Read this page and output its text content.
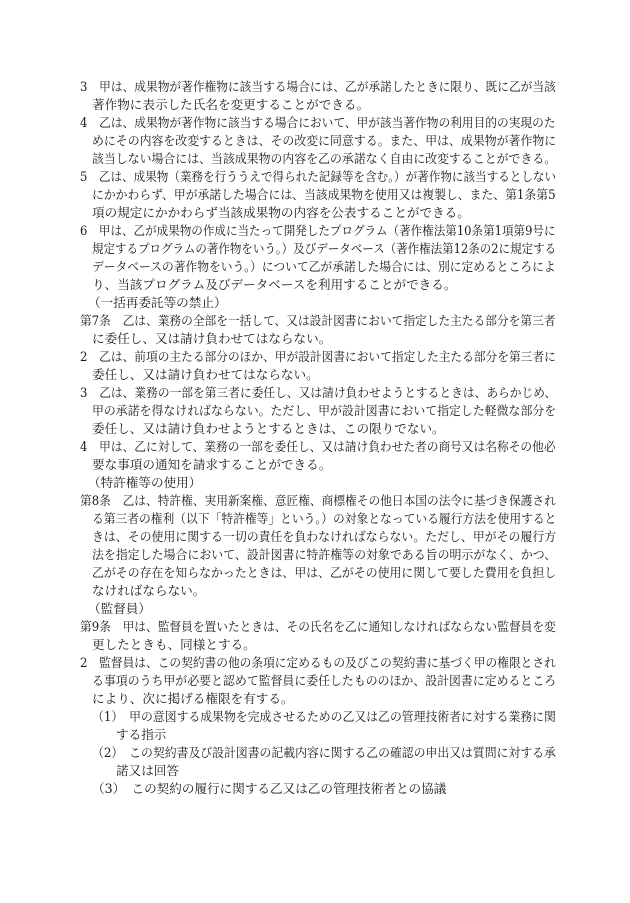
3　甲は、成果物が著作権物に該当する場合には、乙が承諾したときに限り、既に乙が当該
著作物に表示した氏名を変更することができる。
4　乙は、成果物が著作物に該当する場合において、甲が該当著作物の利用目的の実現のた
めにその内容を改変するときは、その改変に同意する。また、甲は、成果物が著作物に
該当しない場合には、当該成果物の内容を乙の承諾なく自由に改変することができる。
5　乙は、成果物（業務を行ううえで得られた記録等を含む。）が著作物に該当するとしない
にかかわらず、甲が承諾した場合には、当該成果物を使用又は複製し、また、第1条第5
項の規定にかかわらず当該成果物の内容を公表することができる。
6　甲は、乙が成果物の作成に当たって開発したプログラム（著作権法第10条第1項第9号に
規定するプログラムの著作物をいう。）及びデータベース（著作権法第12条の2に規定する
データベースの著作物をいう。）について乙が承諾した場合には、別に定めるところによ
り、当該プログラム及びデータベースを利用することができる。
（一括再委託等の禁止）
第7条　乙は、業務の全部を一括して、又は設計図書において指定した主たる部分を第三者
に委任し、又は請け負わせてはならない。
2　乙は、前項の主たる部分のほか、甲が設計図書において指定した主たる部分を第三者に
委任し、又は請け負わせてはならない。
3　乙は、業務の一部を第三者に委任し、又は請け負わせようとするときは、あらかじめ、
甲の承諾を得なければならない。ただし、甲が設計図書において指定した軽微な部分を
委任し、又は請け負わせようとするときは、この限りでない。
4　甲は、乙に対して、業務の一部を委任し、又は請け負わせた者の商号又は名称その他必
要な事項の通知を請求することができる。
（特許権等の使用）
第8条　乙は、特許権、実用新案権、意匠権、商標権その他日本国の法令に基づき保護され
る第三者の権利（以下「特許権等」という。）の対象となっている履行方法を使用すると
きは、その使用に関する一切の責任を負わなければならない。ただし、甲がその履行方
法を指定した場合において、設計図書に特許権等の対象である旨の明示がなく、かつ、
乙がその存在を知らなかったときは、甲は、乙がその使用に関して要した費用を負担し
なければならない。
（監督員）
第9条　甲は、監督員を置いたときは、その氏名を乙に通知しなければならない監督員を変
更したときも、同様とする。
2　監督員は、この契約書の他の条項に定めるもの及びこの契約書に基づく甲の権限とされ
る事項のうち甲が必要と認めて監督員に委任したもののほか、設計図書に定めるところ
により、次に掲げる権限を有する。
（1）　甲の意図する成果物を完成させるための乙又は乙の管理技術者に対する業務に関
する指示
（2）　この契約書及び設計図書の記載内容に関する乙の確認の申出又は質問に対する承
諾又は回答
（3）　この契約の履行に関する乙又は乙の管理技術者との協議
